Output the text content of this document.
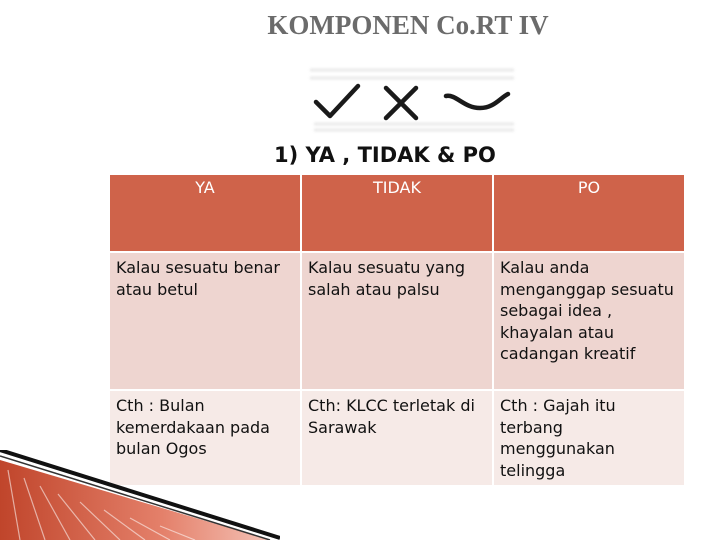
KOMPONEN Co.RT IV
1) YA , TIDAK & PO
YA	TIDAK	PO
Kalau sesuatu benar atau betul	Kalau sesuatu yang salah atau palsu	Kalau anda menganggap sesuatu sebagai idea , khayalan atau cadangan kreatif
Cth : Bulan kemerdakaan pada bulan Ogos	Cth: KLCC terletak di Sarawak	Cth : Gajah itu terbang menggunakan telingga
